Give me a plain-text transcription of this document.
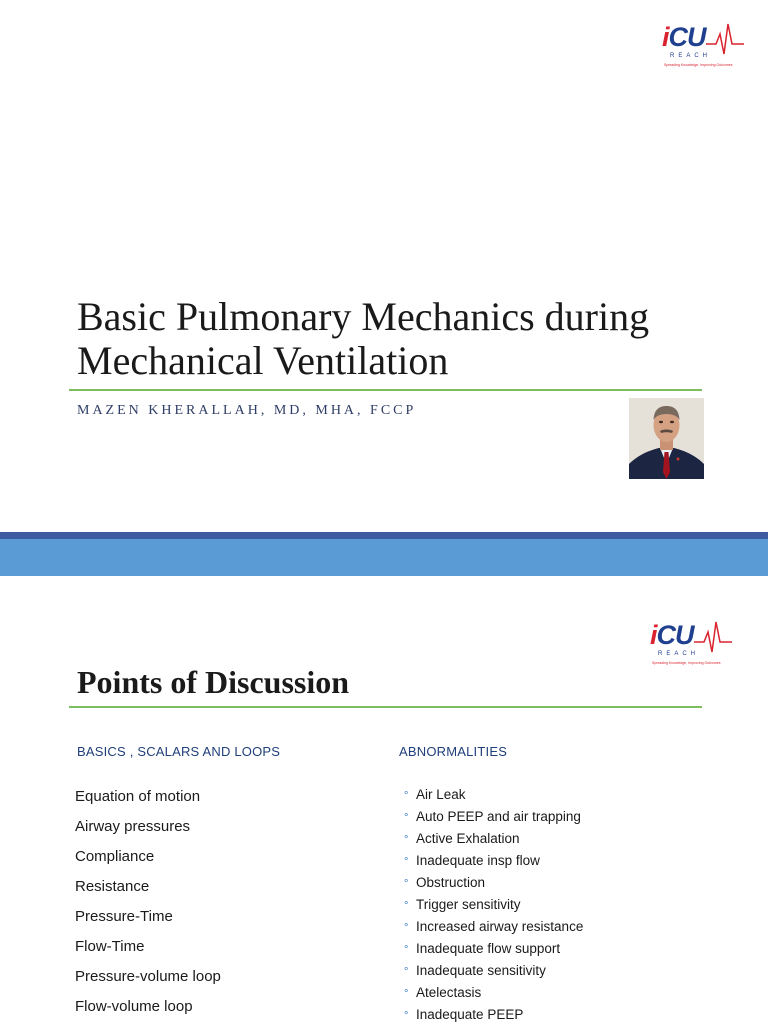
iCU
REACH
Spreading Knowledge, Improving Outcomes
Basic Pulmonary Mechanics during
Mechanical Ventilation
MAZEN KHERALLAH, MD, MHA, FCCP
iCU
REACH
Spreading Knowledge, Improving Outcomes
Points of Discussion
BASICS , SCALARS AND LOOPS	ABNORMALITIES
Equation of motion
Airway pressures
Compliance
Resistance
Pressure-Time
Flow-Time
Pressure-volume loop
Flow-volume loop
° Air Leak
° Auto PEEP and air trapping
° Active Exhalation
° Inadequate insp flow
° Obstruction
° Trigger sensitivity
° Increased airway resistance
° Inadequate flow support
° Inadequate sensitivity
° Atelectasis
° Inadequate PEEP
